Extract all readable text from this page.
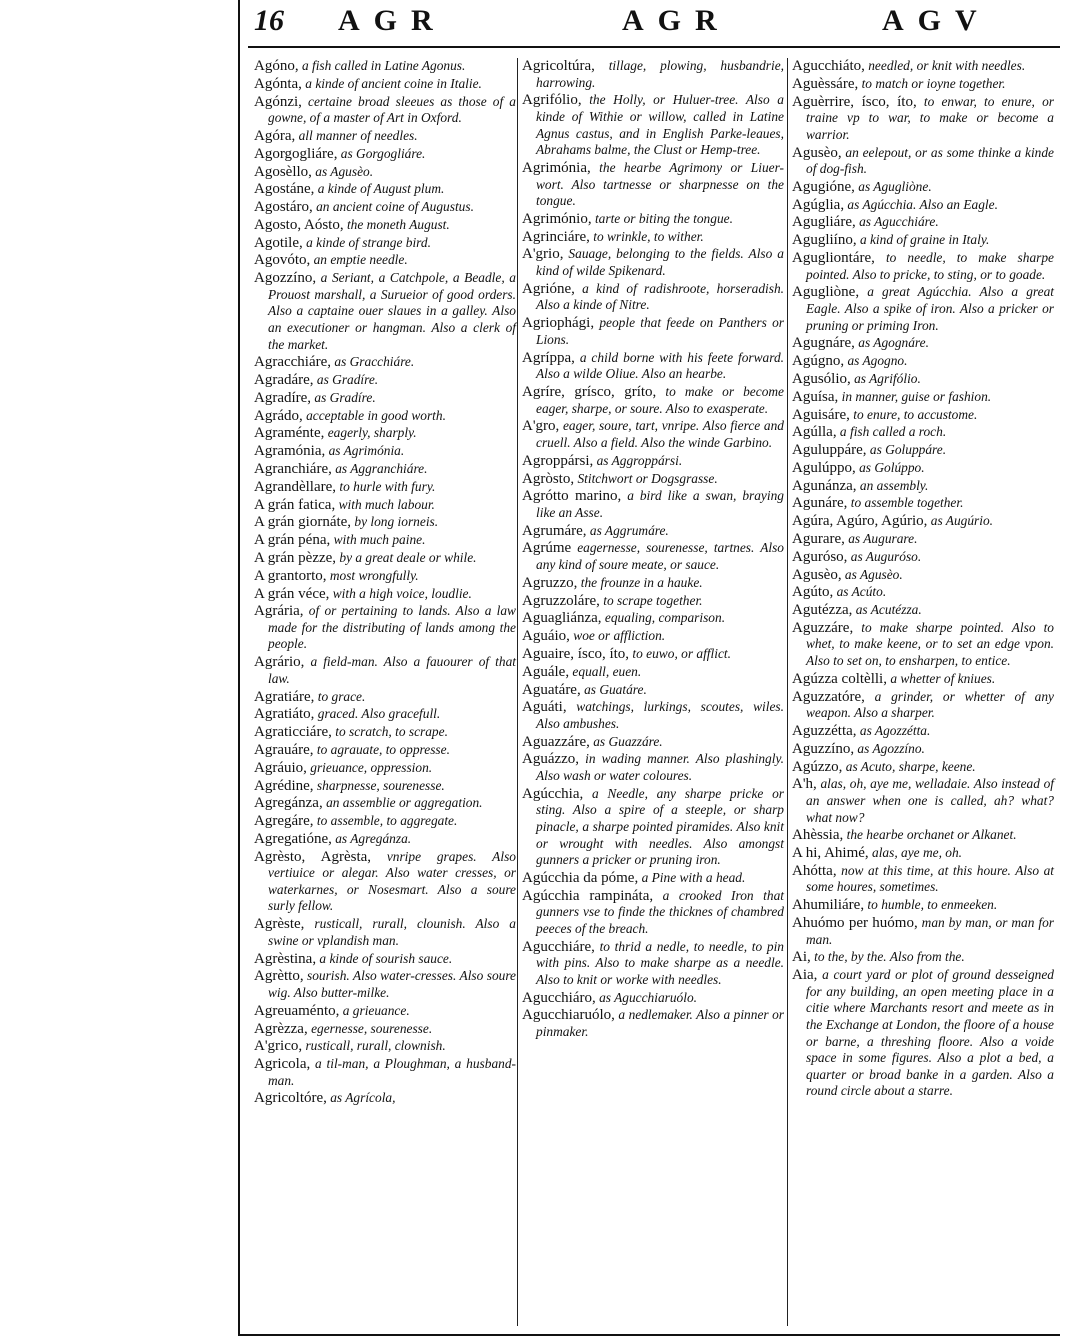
16 AGR	AGR	AGV
Agóno, a fish called in Latine Agonus.
Agónta, a kinde of ancient coine in Italie.
Agónzi, certaine broad sleeues as those of a gowne, of a master of Art in Oxford.
Agóra, all manner of needles.
Agorgogliáre, as Gorgogliáre.
Agosèllo, as Agusèo.
Agostáne, a kinde of August plum.
Agostáro, an ancient coine of Augustus.
Agosto, Aósto, the moneth August.
Agotile, a kinde of strange bird.
Agovóto, an emptie needle.
Agozzíno, a Seriant, a Catchpole, a Beadle, a Prouost marshall, a Surueior of good orders. Also a captaine ouer slaues in a galley. Also an executioner or hangman. Also a clerk of the market.
Agracchiáre, as Gracchiáre.
Agradáre, as Gradíre.
Agradíre, as Gradíre.
Agrádo, acceptable in good worth.
Agraménte, eagerly, sharply.
Agramónia, as Agrimónia.
Agranchiáre, as Aggranchiáre.
Agrandèllare, to hurle with fury.
A grán fatica, with much labour.
A grán giornáte, by long iorneis.
A grán péna, with much paine.
A grán pèzze, by a great deale or while.
A grantorto, most wrongfully.
A grán véce, with a high voice, loudlie.
Agrária, of or pertaining to lands. Also a law made for the distributing of lands among the people.
Agrário, a field-man. Also a fauourer of that law.
Agratiáre, to grace.
Agratiáto, graced. Also gracefull.
Agraticciáre, to scratch, to scrape.
Agrauáre, to agrauate, to oppresse.
Agráuio, grieuance, oppression.
Agrédine, sharpnesse, sourenesse.
Agregánza, an assemblie or aggregation.
Agregáre, to assemble, to aggregate.
Agregatióne, as Agregánza.
Agrèsto, Agrèsta, vnripe grapes. Also vertiuice or alegar. Also water cresses, or waterkarnes, or Nosesmart. Also a soure surly fellow.
Agrèste, rusticall, rurall, clounish. Also a swine or vplandish man.
Agrèstina, a kinde of sourish sauce.
Agrètto, sourish. Also water-cresses. Also soure wig. Also butter-milke.
Agreuaménto, a grieuance.
Agrèzza, egernesse, sourenesse.
A'grico, rusticall, rurall, clownish.
Agricola, a til-man, a Ploughman, a husband-man.
Agricoltóre, as Agrícola,
Agricoltúra, tillage, plowing, husbandrie, harrowing.
Agrifólio, the Holly, or Huluer-tree. Also a kinde of Withie or willow, called in Latine Agnus castus, and in English Parke-leaues, Abrahams balme, the Clust or Hemp-tree.
Agrimónia, the hearbe Agrimony or Liuer-wort. Also tartnesse or sharpnesse on the tongue.
Agrimónio, tarte or biting the tongue.
Agrinciáre, to wrinkle, to wither.
A'grio, Sauage, belonging to the fields. Also a kind of wilde Spikenard.
Agrióne, a kind of radishroote, horseradish. Also a kinde of Nitre.
Agriophági, people that feede on Panthers or Lions.
Agríppa, a child borne with his feete forward. Also a wilde Oliue. Also an hearbe.
Agríre, grísco, gríto, to make or become eager, sharpe, or soure. Also to exasperate.
A'gro, eager, soure, tart, vnripe. Also fierce and cruell. Also a field. Also the winde Garbino.
Agroppársi, as Aggroppársi.
Agròsto, Stitchwort or Dogsgrasse.
Agrótto marino, a bird like a swan, braying like an Asse.
Agrumáre, as Aggrumáre.
Agrúme eagernesse, sourenesse, tartnes. Also any kind of soure meate, or sauce.
Agruzzo, the frounze in a hauke.
Agruzzoláre, to scrape together.
Aguagliánza, equaling, comparison.
Aguáio, woe or affliction.
Aguaire, ísco, íto, to euwo, or afflict.
Aguále, equall, euen.
Aguatáre, as Guatáre.
Aguáti, watchings, lurkings, scoutes, wiles. Also ambushes.
Aguazzáre, as Guazzáre.
Aguázzo, in wading manner. Also plashingly. Also wash or water coloures.
Agúcchia, a Needle, any sharpe pricke or sting. Also a spire of a steeple, or sharp pinacle, a sharpe pointed piramides. Also knit or wrought with needles. Also amongst gunners a pricker or pruning iron.
Agúcchia da póme, a Pine with a head.
Agúcchia rampináta, a crooked Iron that gunners vse to finde the thicknes of chambred peeces of the breach.
Agucchiáre, to thrid a nedle, to needle, to pin with pins. Also to make sharpe as a needle. Also to knit or worke with needles.
Agucchiáro, as Agucchiaruólo.
Agucchiaruólo, a nedlemaker. Also a pinner or pinmaker.
Agucchiáto, needled, or knit with needles.
Aguèssáre, to match or ioyne together.
Aguèrrire, ísco, íto, to enwar, to enure, or traine vp to war, to make or become a warrior.
Agusèo, an eelepout, or as some thinke a kinde of dog-fish.
Agugióne, as Agugliòne.
Agúglia, as Agúcchia. Also an Eagle.
Agugliáre, as Agucchiáre.
Agugliíno, a kind of graine in Italy.
Agugliontáre, to needle, to make sharpe pointed. Also to pricke, to sting, or to goade.
Agugliòne, a great Agúcchia. Also a great Eagle. Also a spike of iron. Also a pricker or pruning or priming Iron.
Agugnáre, as Agognáre.
Agúgno, as Agogno.
Agusólio, as Agrifólio.
Aguísa, in manner, guise or fashion.
Aguisáre, to enure, to accustome.
Agúlla, a fish called a roch.
Aguluppáre, as Goluppáre.
Agulúppo, as Golúppo.
Agunánza, an assembly.
Agunáre, to assemble together.
Agúra, Agúro, Agúrio, as Augúrio.
Agurare, as Augurare.
Aguróso, as Auguróso.
Agusèo, as Agusèo.
Agúto, as Acúto.
Agutézza, as Acutézza.
Aguzzáre, to make sharpe pointed. Also to whet, to make keene, or to set an edge vpon. Also to set on, to ensharpen, to entice.
Agúzza coltèlli, a whetter of kniues.
Aguzzatóre, a grinder, or whetter of any weapon. Also a sharper.
Aguzzétta, as Agozzétta.
Aguzzíno, as Agozzíno.
Agúzzo, as Acuto, sharpe, keene.
A'h, alas, oh, aye me, welladaie. Also instead of an answer when one is called, ah? what? what now?
Ahèssia, the hearbe orchanet or Alkanet.
A hi, Ahimé, alas, aye me, oh.
Ahótta, now at this time, at this houre. Also at some houres, sometimes.
Ahumiliáre, to humble, to enmeeken.
Ahuómo per huómo, man by man, or man for man.
Ai, to the, by the. Also from the.
Aia, a court yard or plot of ground desseigned for any building, an open meeting place in a citie where Marchants resort and meete as in the Exchange at London, the floore of a house or barne, a threshing floore. Also a voide space in some figures. Also a plot a bed, a quarter or broad banke in a garden. Also a round circle about a starre.
